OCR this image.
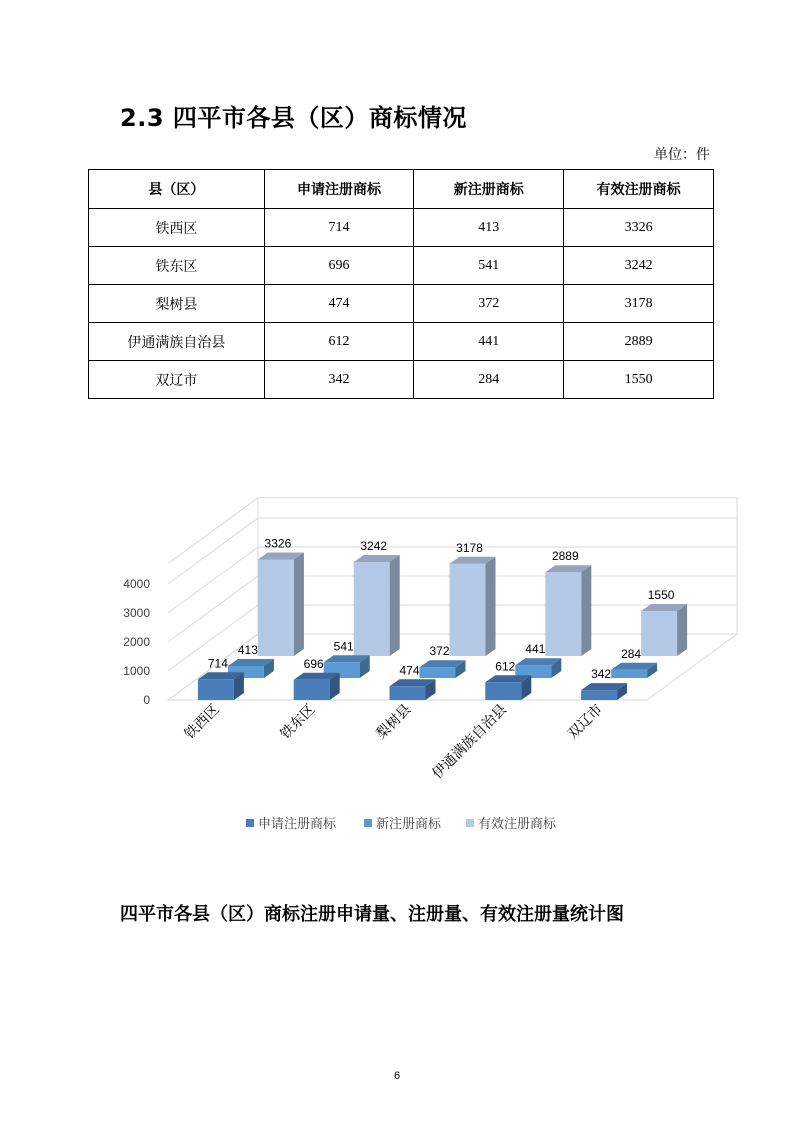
2.3 四平市各县（区）商标情况
单位：件
县（区）	申请注册商标	新注册商标	有效注册商标
铁西区	714	413	3326
铁东区	696	541	3242
梨树县	474	372	3178
伊通满族自治县	612	441	2889
双辽市	342	284	1550
0
1000
2000
3000
4000
3326	3242	3178
2889
1550
413	541	372	441	284
714	696	474	612
342
铁西区	铁东区	梨树县 伊通满族自治县	双辽市
申请注册商标	新注册商标	有效注册商标
四平市各县（区）商标注册申请量、注册量、有效注册量统计图
6
